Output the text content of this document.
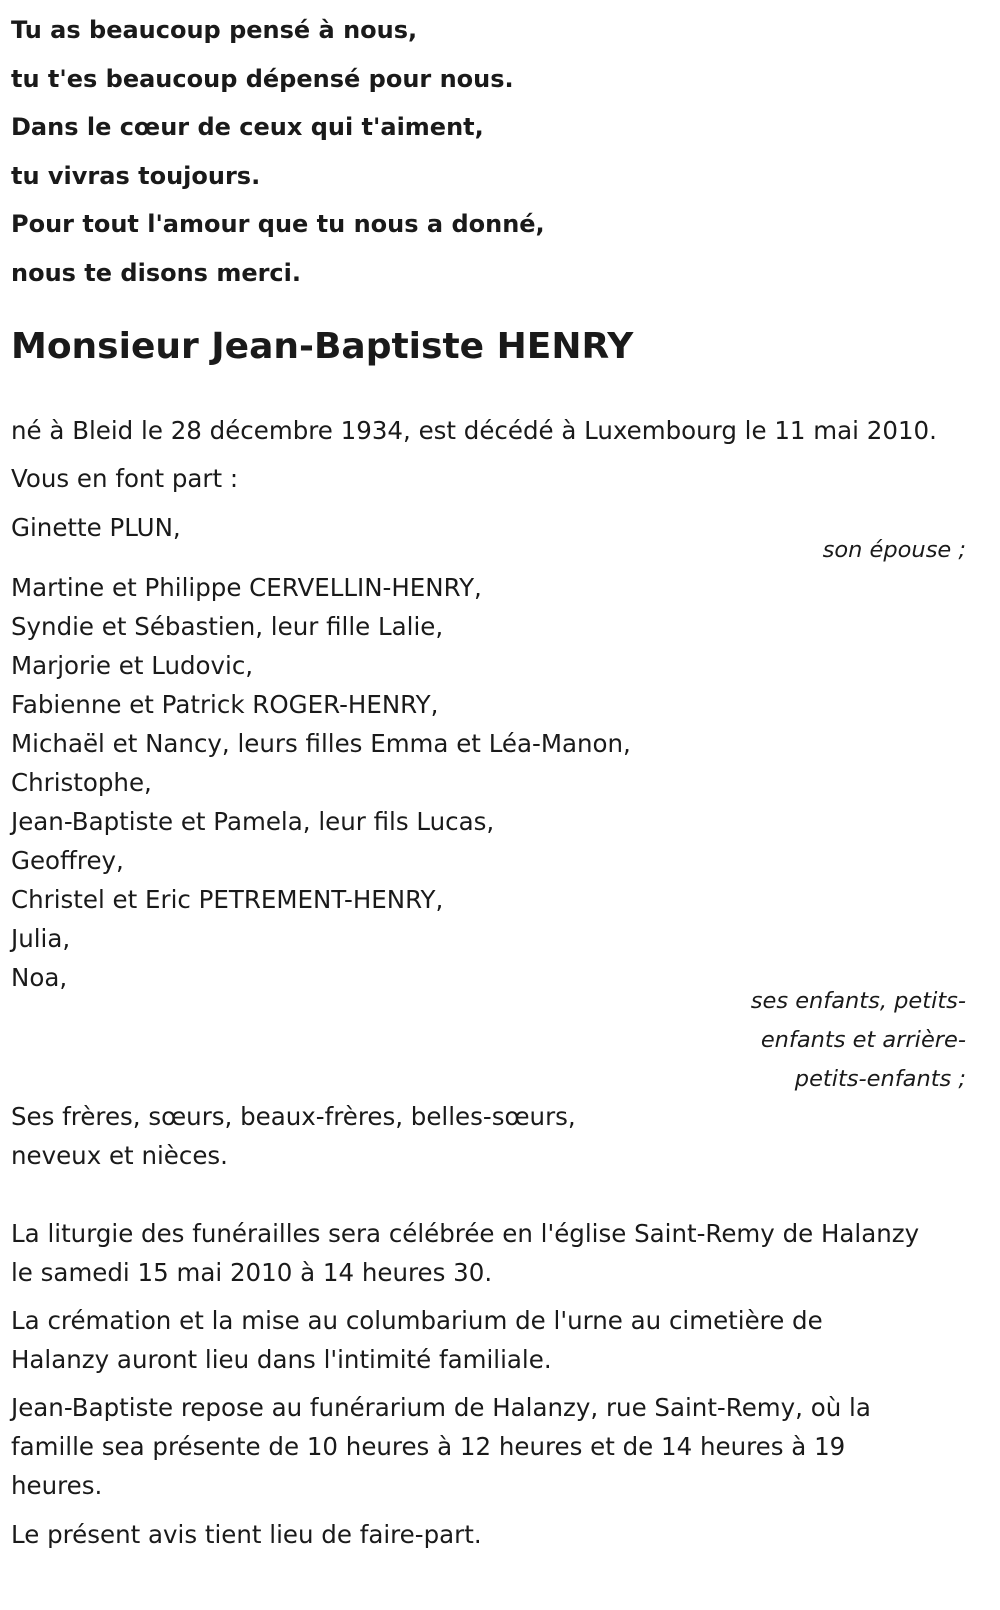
Tu as beaucoup pensé à nous,
tu t'es beaucoup dépensé pour nous.
Dans le cœur de ceux qui t'aiment,
tu vivras toujours.
Pour tout l'amour que tu nous a donné,
nous te disons merci.
Monsieur Jean-Baptiste HENRY
né à Bleid le 28 décembre 1934, est décédé à Luxembourg le 11 mai 2010.
Vous en font part :
Ginette PLUN,
son épouse ;
Martine et Philippe CERVELLIN-HENRY,
Syndie et Sébastien, leur fille Lalie,
Marjorie et Ludovic,
Fabienne et Patrick ROGER-HENRY,
Michaël et Nancy, leurs filles Emma et Léa-Manon,
Christophe,
Jean-Baptiste et Pamela, leur fils Lucas,
Geoffrey,
Christel et Eric PETREMENT-HENRY,
Julia,
Noa,
ses enfants, petits-
enfants et arrière-
petits-enfants ;
Ses frères, sœurs, beaux-frères, belles-sœurs,
neveux et nièces.
La liturgie des funérailles sera célébrée en l'église Saint-Remy de Halanzy
le samedi 15 mai 2010 à 14 heures 30.
La crémation et la mise au columbarium de l'urne au cimetière de
Halanzy auront lieu dans l'intimité familiale.
Jean-Baptiste repose au funérarium de Halanzy, rue Saint-Remy, où la
famille sea présente de 10 heures à 12 heures et de 14 heures à 19
heures.
Le présent avis tient lieu de faire-part.
